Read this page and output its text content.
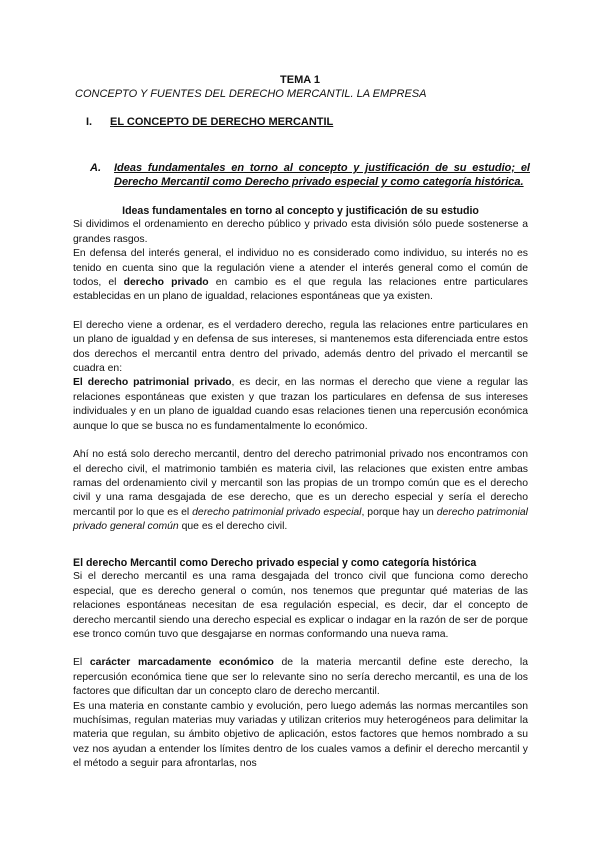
TEMA 1
CONCEPTO Y FUENTES DEL DERECHO MERCANTIL. LA EMPRESA
I. EL CONCEPTO DE DERECHO MERCANTIL
A. Ideas fundamentales en torno al concepto y justificación de su estudio; el Derecho Mercantil como Derecho privado especial y como categoría histórica.

Ideas fundamentales en torno al concepto y justificación de su estudio

Si dividimos el ordenamiento en derecho público y privado esta división sólo puede sostenerse a grandes rasgos.

En defensa del interés general, el individuo no es considerado como individuo, su interés no es tenido en cuenta sino que la regulación viene a atender el interés general como el común de todos, el derecho privado en cambio es el que regula las relaciones entre particulares establecidas en un plano de igualdad, relaciones espontáneas que ya existen.

El derecho viene a ordenar, es el verdadero derecho, regula las relaciones entre particulares en un plano de igualdad y en defensa de sus intereses, si mantenemos esta diferenciada entre estos dos derechos el mercantil entra dentro del privado, además dentro del privado el mercantil se cuadra en:

El derecho patrimonial privado, es decir, en las normas el derecho que viene a regular las relaciones espontáneas que existen y que trazan los particulares en defensa de sus intereses individuales y en un plano de igualdad cuando esas relaciones tienen una repercusión económica aunque lo que se busca no es fundamentalmente lo económico.

Ahí no está solo derecho mercantil, dentro del derecho patrimonial privado nos encontramos con el derecho civil, el matrimonio también es materia civil, las relaciones que existen entre ambas ramas del ordenamiento civil y mercantil son las propias de un trompo común que es el derecho civil y una rama desgajada de ese derecho, que es un derecho especial y sería el derecho mercantil por lo que es el derecho patrimonial privado especial, porque hay un derecho patrimonial privado general común que es el derecho civil.

El derecho Mercantil como Derecho privado especial y como categoría histórica

Si el derecho mercantil es una rama desgajada del tronco civil que funciona como derecho especial, que es derecho general o común, nos tenemos que preguntar qué materias de las relaciones espontáneas necesitan de esa regulación especial, es decir, dar el concepto de derecho mercantil siendo una derecho especial es explicar o indagar en la razón de ser de porque ese tronco común tuvo que desgajarse en normas conformando una nueva rama.

El carácter marcadamente económico de la materia mercantil define este derecho, la repercusión económica tiene que ser lo relevante sino no sería derecho mercantil, es una de los factores que dificultan dar un concepto claro de derecho mercantil.

Es una materia en constante cambio y evolución, pero luego además las normas mercantiles son muchísimas, regulan materias muy variadas y utilizan criterios muy heterogéneos para delimitar la materia que regulan, su ámbito objetivo de aplicación, estos factores que hemos nombrado a su vez nos ayudan a entender los límites dentro de los cuales vamos a definir el derecho mercantil y el método a seguir para afrontarlas, nos
